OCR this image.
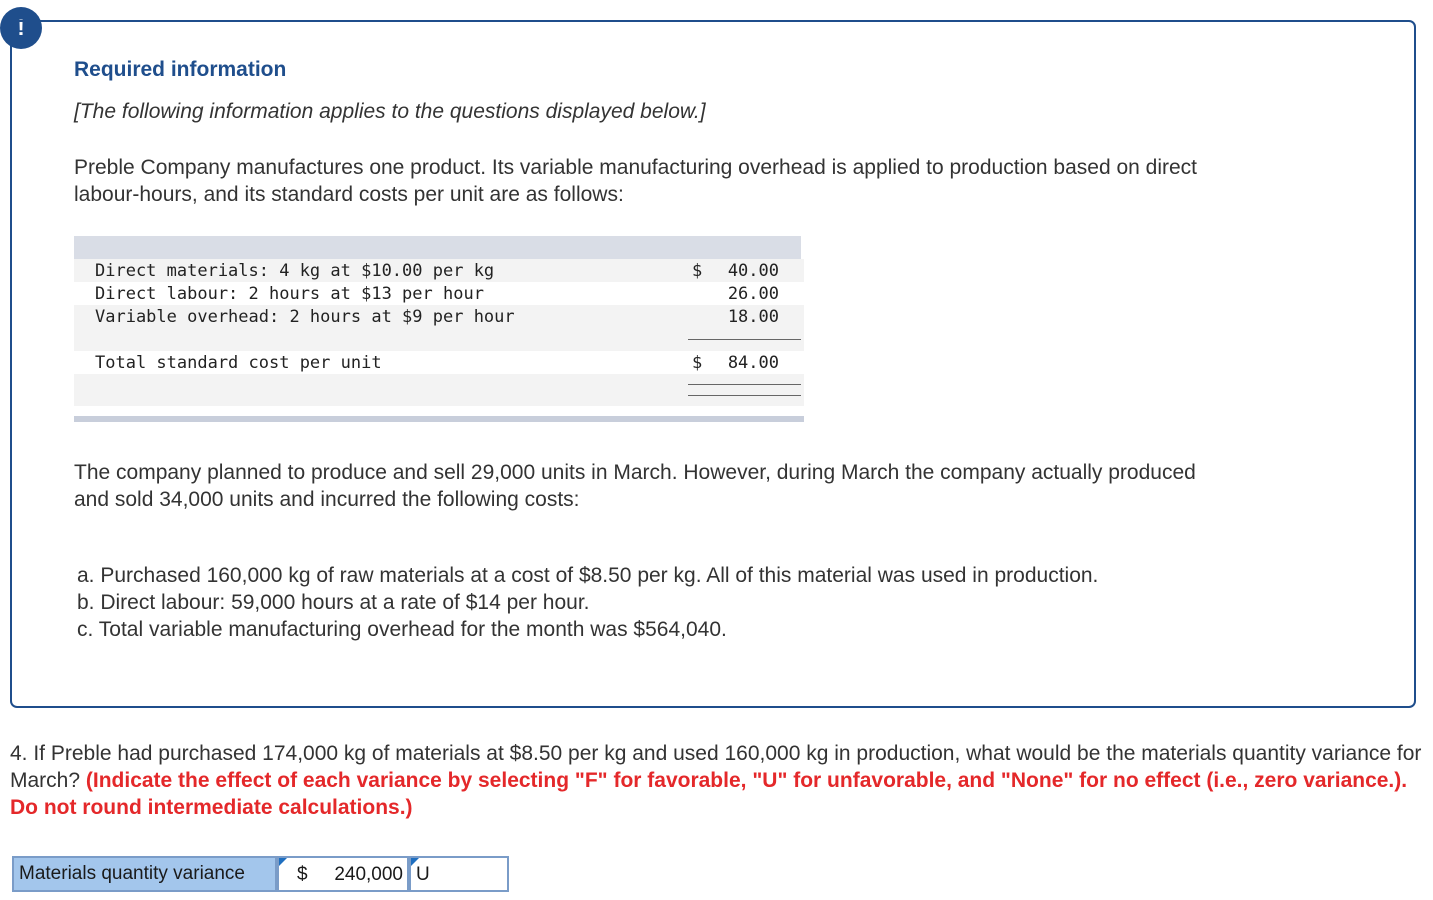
!
Required information
[The following information applies to the questions displayed below.]
Preble Company manufactures one product. Its variable manufacturing overhead is applied to production based on direct
labour-hours, and its standard costs per unit are as follows:
Direct materials: 4 kg at $10.00 per kg	$ 40.00
Direct labour: 2 hours at $13 per hour	26.00
Variable overhead: 2 hours at $9 per hour	18.00
Total standard cost per unit	$ 84.00
The company planned to produce and sell 29,000 units in March. However, during March the company actually produced
and sold 34,000 units and incurred the following costs:
a. Purchased 160,000 kg of raw materials at a cost of $8.50 per kg. All of this material was used in production.
b. Direct labour: 59,000 hours at a rate of $14 per hour.
c. Total variable manufacturing overhead for the month was $564,040.
4. If Preble had purchased 174,000 kg of materials at $8.50 per kg and used 160,000 kg in production, what would be the materials quantity variance for March? (Indicate the effect of each variance by selecting "F" for favorable, "U" for unfavorable, and "None" for no effect (i.e., zero variance.). Do not round intermediate calculations.)
Materials quantity variance	$ 240,000 U
